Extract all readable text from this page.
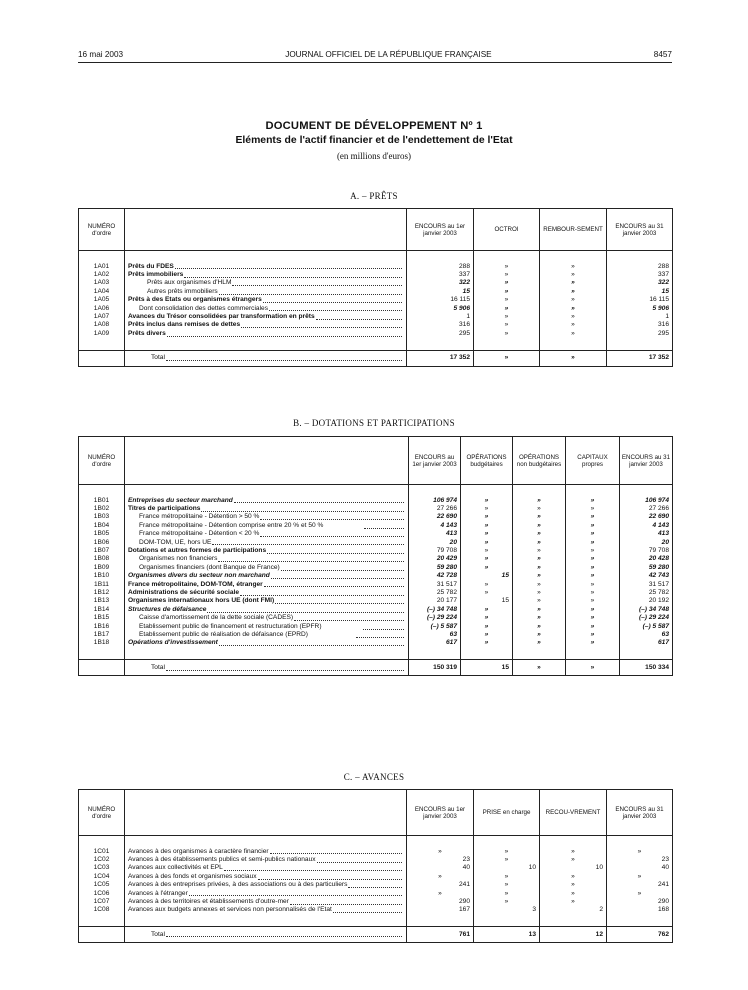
16 mai 2003	JOURNAL OFFICIEL DE LA RÉPUBLIQUE FRANÇAISE	8457
DOCUMENT DE DÉVELOPPEMENT Nº 1
Eléments de l'actif financier et de l'endettement de l'Etat
(en millions d'euros)
A. – PRÊTS
NUMÉRO d'ordre		ENCOURS au 1er janvier 2003	OCTROI	REMBOUR-SEMENT	ENCOURS au 31 janvier 2003

1A01	Prêts du FDES	288	»	»	288
1A02	Prêts immobiliers	337	»	»	337
1A03	Prêts aux organismes d'HLM	322	»	»	322
1A04	Autres prêts immobiliers	15	»	»	15
1A05	Prêts à des Etats ou organismes étrangers	16 115	»	»	16 115
1A06	Dont consolidation des dettes commerciales	5 906	»	»	5 906
1A07	Avances du Trésor consolidées par transformation en prêts	1	»	»	1
1A08	Prêts inclus dans remises de dettes	316	»	»	316
1A09	Prêts divers	295	»	»	295

	Total	17 352	»	»	17 352
B. – DOTATIONS ET PARTICIPATIONS
NUMÉRO d'ordre		ENCOURS au 1er janvier 2003	OPÉRATIONS budgétaires	OPÉRATIONS non budgétaires	CAPITAUX propres	ENCOURS au 31 janvier 2003

1B01	Entreprises du secteur marchand	106 974	»	»	»	106 974
1B02	Titres de participations	27 266	»	»	»	27 266
1B03	France métropolitaine - Détention > 50 %	22 690	»	»	»	22 690
1B04	France métropolitaine - Détention comprise entre 20 % et 50 %	4 143	»	»	»	4 143
1B05	France métropolitaine - Détention < 20 %	413	»	»	»	413
1B06	DOM-TOM, UE, hors UE	20	»	»	»	20
1B07	Dotations et autres formes de participations	79 708	»	»	»	79 708
1B08	Organismes non financiers	20 429	»	»	»	20 428
1B09	Organismes financiers (dont Banque de France)	59 280	»	»	»	59 280
1B10	Organismes divers du secteur non marchand	42 728	15	»	»	42 743
1B11	France métropolitaine, DOM-TOM, étranger	31 517	»	»	»	31 517
1B12	Administrations de sécurité sociale	25 782	»	»	»	25 782
1B13	Organismes internationaux hors UE (dont FMI)	20 177	15	»	»	20 192
1B14	Structures de défaisance	(–) 34 748	»	»	»	(–) 34 748
1B15	Caisse d'amortissement de la dette sociale (CADES)	(–) 29 224	»	»	»	(–) 29 224
1B16	Etablissement public de financement et restructuration (EPFR)	(–) 5 587	»	»	»	(–) 5 587
1B17	Etablissement public de réalisation de défaisance (EPRD)	63	»	»	»	63
1B18	Opérations d'investissement	617	»	»	»	617

	Total	150 319	15	»	»	150 334
C. – AVANCES
NUMÉRO d'ordre		ENCOURS au 1er janvier 2003	PRISE en charge	RECOU-VREMENT	ENCOURS au 31 janvier 2003

1C01	Avances à des organismes à caractère financier	»	»	»	»
1C02	Avances à des établissements publics et semi-publics nationaux	23	»	»	23
1C03	Avances aux collectivités et EPL	40	10	10	40
1C04	Avances à des fonds et organismes sociaux	»	»	»	»
1C05	Avances à des entreprises privées, à des associations ou à des particuliers	241	»	»	241
1C06	Avances à l'étranger	»	»	»	»
1C07	Avances à des territoires et établissements d'outre-mer	290	»	»	290
1C08	Avances aux budgets annexes et services non personnalisés de l'Etat	167	3	2	168

	Total	761	13	12	762
